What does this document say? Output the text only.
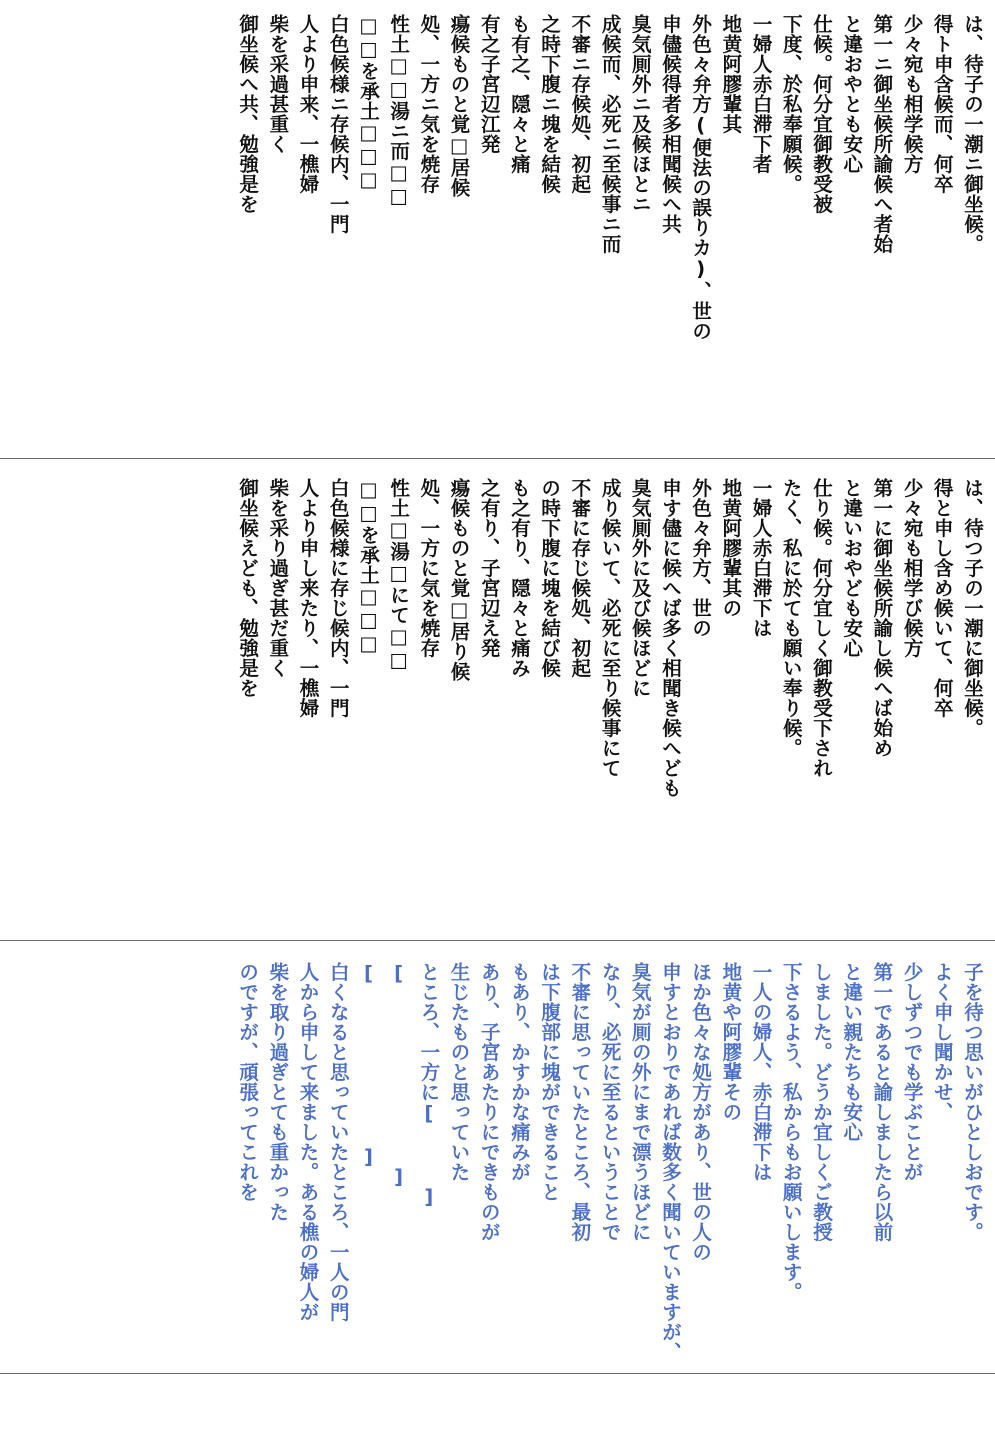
は、待子の一潮ニ御坐候。
得ト申含候而、何卒
少々宛も相学候方
第一ニ御坐候所諭候へ者始
と違おやとも安心
仕候。何分宜御教受被
下度、於私奉願候。
一婦人赤白滞下者
地黄阿膠輩其
外色々弁方(便法の誤りカ)、世の
申儘候得者多相聞候へ共
臭気厠外ニ及候ほとニ
成候而、必死ニ至候事ニ而
不審ニ存候処、初起
之時下腹ニ塊を結候
も有之、隠々と痛
有之子宮辺江発
瘍候ものと覚□居候
処、一方ニ気を焼存
性土□□湯ニ而□□
□□を承土□□□
白色候様ニ存候内、一門
人より申来、一樵婦
柴を采過甚重く
御坐候へ共、勉強是を
は、待つ子の一潮に御坐候。
得と申し含め候いて、何卒
少々宛も相学び候方
第一に御坐候所諭し候へば始め
と違いおやども安心
仕り候。何分宜しく御教受下され
たく、私に於ても願い奉り候。
一婦人赤白滞下は
地黄阿膠輩其の
外色々弁方、世の
申す儘に候へば多く相聞き候へども
臭気厠外に及び候ほどに
成り候いて、必死に至り候事にて
不審に存じ候処、初起
の時下腹に塊を結び候
も之有り、隠々と痛み
之有り、子宮辺え発
瘍候ものと覚□居り候
処、一方に気を焼存
性土□湯□にて□□
□□を承土□□□
白色候様に存じ候内、一門
人より申し来たり、一樵婦
柴を采り過ぎ甚だ重く
御坐候えども、勉強是を
子を待つ思いがひとしおです。
よく申し聞かせ、
少しずつでも学ぶことが
第一であると諭しましたら以前
と違い親たちも安心
しました。どうか宜しくご教授
下さるよう、私からもお願いします。
一人の婦人、赤白滞下は
地黄や阿膠輩その
ほか色々な処方があり、世の人の
申すとおりであれば数多く聞いていますが、
臭気が厠の外にまで漂うほどに
なり、必死に至るということで
不審に思っていたところ、最初
は下腹部に塊ができること
もあり、かすかな痛みが
あり、子宮あたりにできものが
生じたものと思っていた
ところ、一方に[　　　]
[　　　　　　　　　]
[　　　　　　　　]
白くなると思っていたところ、一人の門
人から申して来ました。ある樵の婦人が
柴を取り過ぎとても重かった
のですが、頑張ってこれを
